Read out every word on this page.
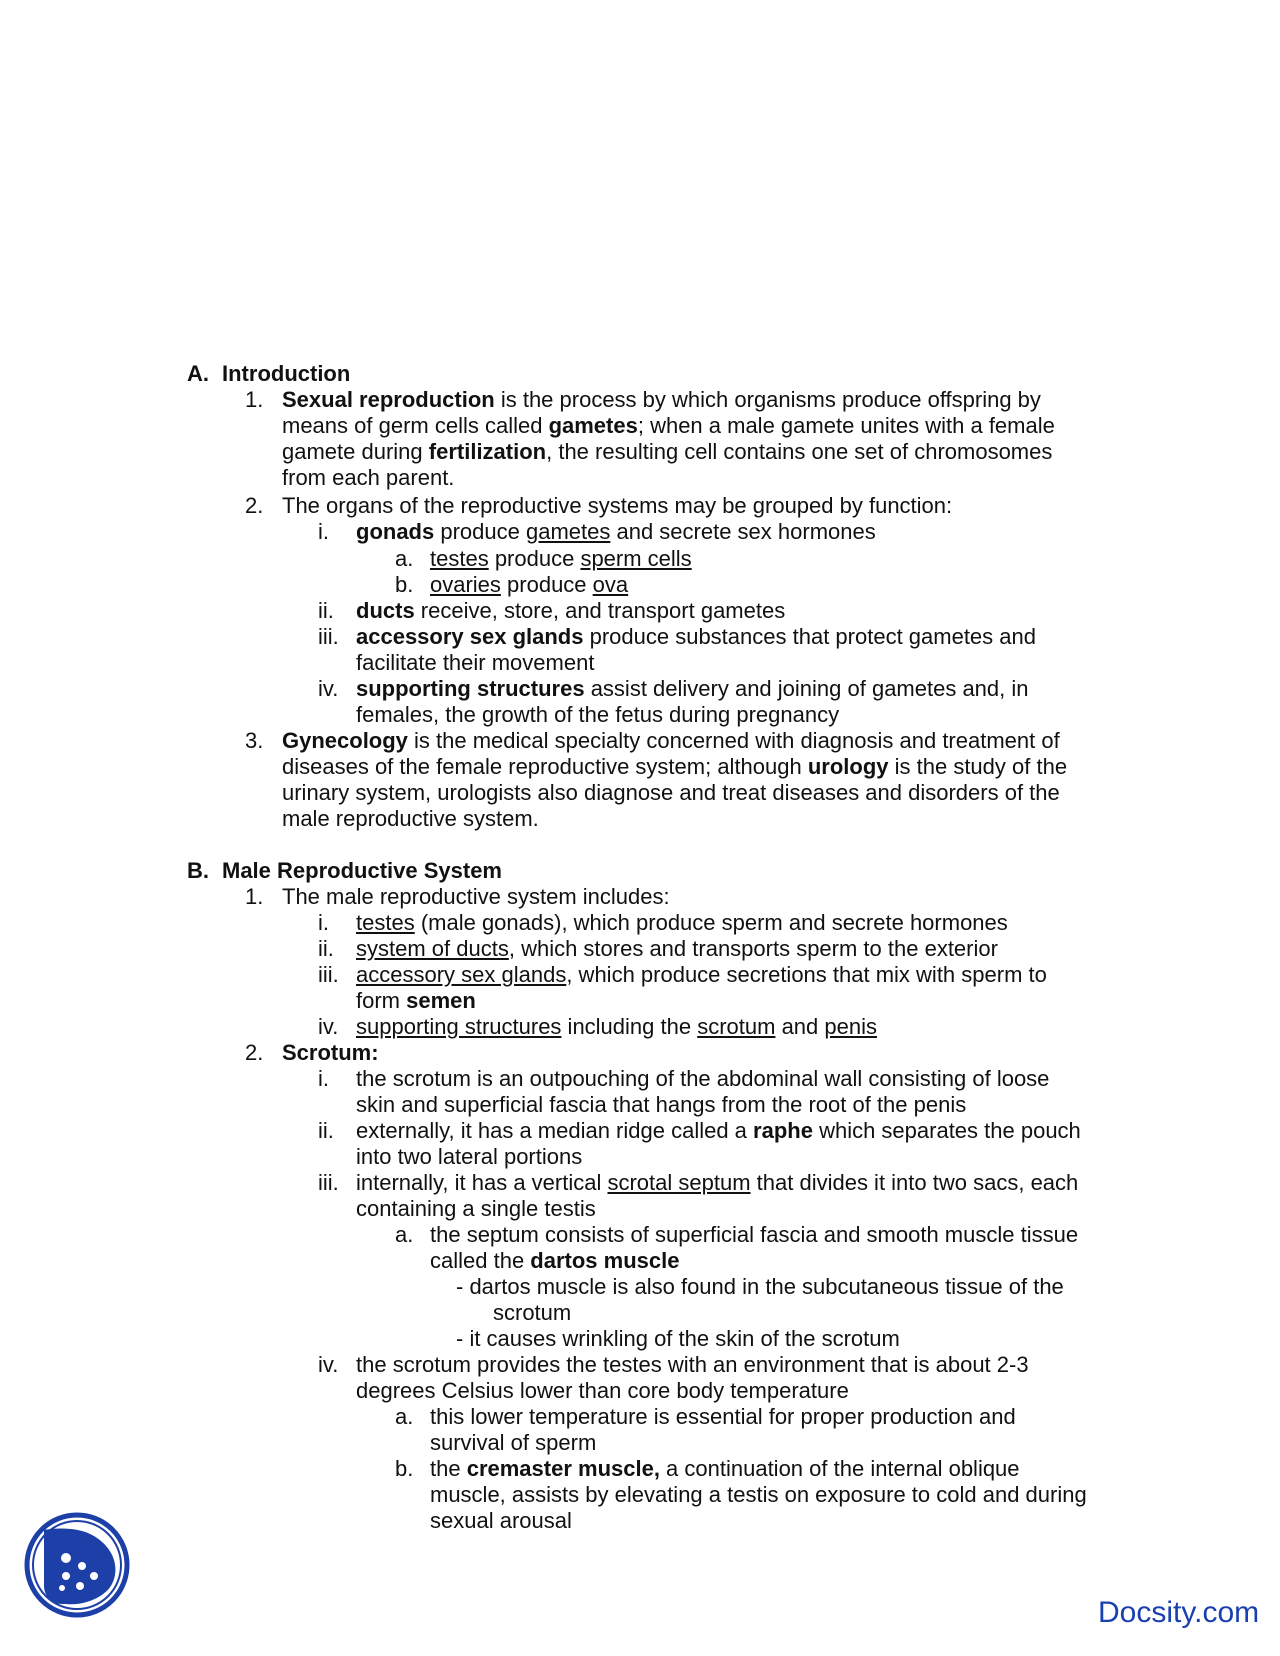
A. Introduction
1. Sexual reproduction is the process by which organisms produce offspring by
means of germ cells called gametes; when a male gamete unites with a female
gamete during fertilization, the resulting cell contains one set of chromosomes
from each parent.
2. The organs of the reproductive systems may be grouped by function:
i. gonads produce gametes and secrete sex hormones
a. testes produce sperm cells
b. ovaries produce ova
ii. ducts receive, store, and transport gametes
iii. accessory sex glands produce substances that protect gametes and
facilitate their movement
iv. supporting structures assist delivery and joining of gametes and, in
females, the growth of the fetus during pregnancy
3. Gynecology is the medical specialty concerned with diagnosis and treatment of
diseases of the female reproductive system; although urology is the study of the
urinary system, urologists also diagnose and treat diseases and disorders of the
male reproductive system.
B. Male Reproductive System
1. The male reproductive system includes:
i. testes (male gonads), which produce sperm and secrete hormones
ii. system of ducts, which stores and transports sperm to the exterior
iii. accessory sex glands, which produce secretions that mix with sperm to
form semen
iv. supporting structures including the scrotum and penis
2. Scrotum:
i. the scrotum is an outpouching of the abdominal wall consisting of loose
skin and superficial fascia that hangs from the root of the penis
ii. externally, it has a median ridge called a raphe which separates the pouch
into two lateral portions
iii. internally, it has a vertical scrotal septum that divides it into two sacs, each
containing a single testis
a. the septum consists of superficial fascia and smooth muscle tissue
called the dartos muscle
- dartos muscle is also found in the subcutaneous tissue of the
scrotum
- it causes wrinkling of the skin of the scrotum
iv. the scrotum provides the testes with an environment that is about 2-3
degrees Celsius lower than core body temperature
a. this lower temperature is essential for proper production and
survival of sperm
b. the cremaster muscle, a continuation of the internal oblique
muscle, assists by elevating a testis on exposure to cold and during
sexual arousal
Docsity.com
